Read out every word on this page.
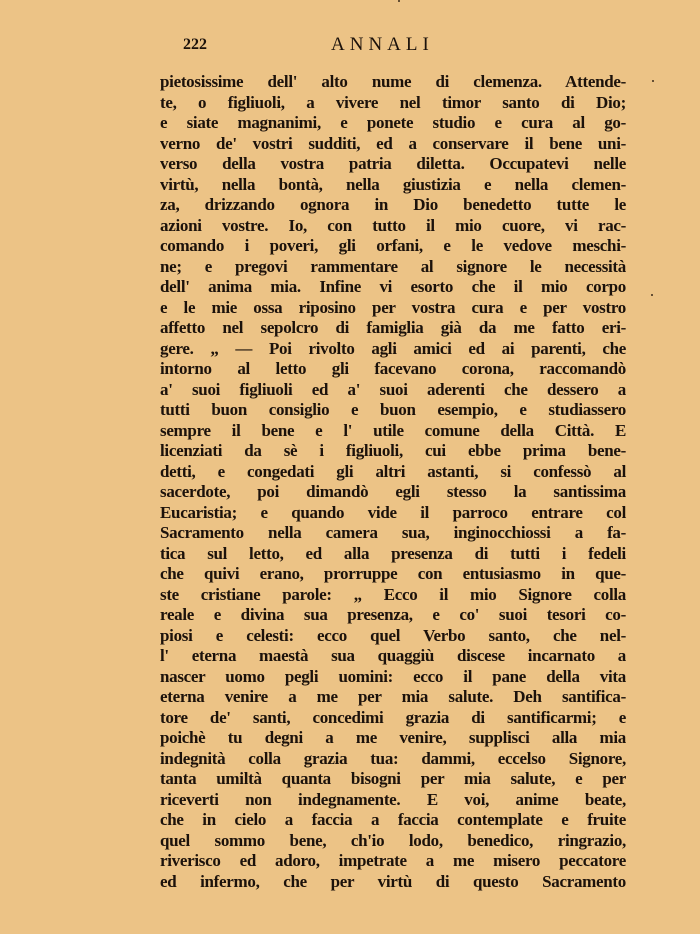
222	ANNALI
pietosissime dell' alto nume di clemenza. Attende-
te, o figliuoli, a vivere nel timor santo di Dio;
e siate magnanimi, e ponete studio e cura al go-
verno de' vostri sudditi, ed a conservare il bene uni-
verso della vostra patria diletta. Occupatevi nelle
virtù, nella bontà, nella giustizia e nella clemen-
za, drizzando ognora in Dio benedetto tutte le
azioni vostre. Io, con tutto il mio cuore, vi rac-
comando i poveri, gli orfani, e le vedove meschi-
ne; e pregovi rammentare al signore le necessità
dell' anima mia. Infine vi esorto che il mio corpo
e le mie ossa riposino per vostra cura e per vostro
affetto nel sepolcro di famiglia già da me fatto eri-
gere. „ — Poi rivolto agli amici ed ai parenti, che
intorno al letto gli facevano corona, raccomandò
a' suoi figliuoli ed a' suoi aderenti che dessero a
tutti buon consiglio e buon esempio, e studiassero
sempre il bene e l' utile comune della Città. E
licenziati da sè i figliuoli, cui ebbe prima bene-
detti, e congedati gli altri astanti, si confessò al
sacerdote, poi dimandò egli stesso la santissima
Eucaristia; e quando vide il parroco entrare col
Sacramento nella camera sua, inginocchiossi a fa-
tica sul letto, ed alla presenza di tutti i fedeli
che quivi erano, prorruppe con entusiasmo in que-
ste cristiane parole: „ Ecco il mio Signore colla
reale e divina sua presenza, e co' suoi tesori co-
piosi e celesti: ecco quel Verbo santo, che nel-
l' eterna maestà sua quaggiù discese incarnato a
nascer uomo pegli uomini: ecco il pane della vita
eterna venire a me per mia salute. Deh santifica-
tore de' santi, concedimi grazia di santificarmi; e
poichè tu degni a me venire, supplisci alla mia
indegnità colla grazia tua: dammi, eccelso Signore,
tanta umiltà quanta bisogni per mia salute, e per
riceverti non indegnamente. E voi, anime beate,
che in cielo a faccia a faccia contemplate e fruite
quel sommo bene, ch'io lodo, benedico, ringrazio,
riverisco ed adoro, impetrate a me misero peccatore
ed infermo, che per virtù di questo Sacramento
